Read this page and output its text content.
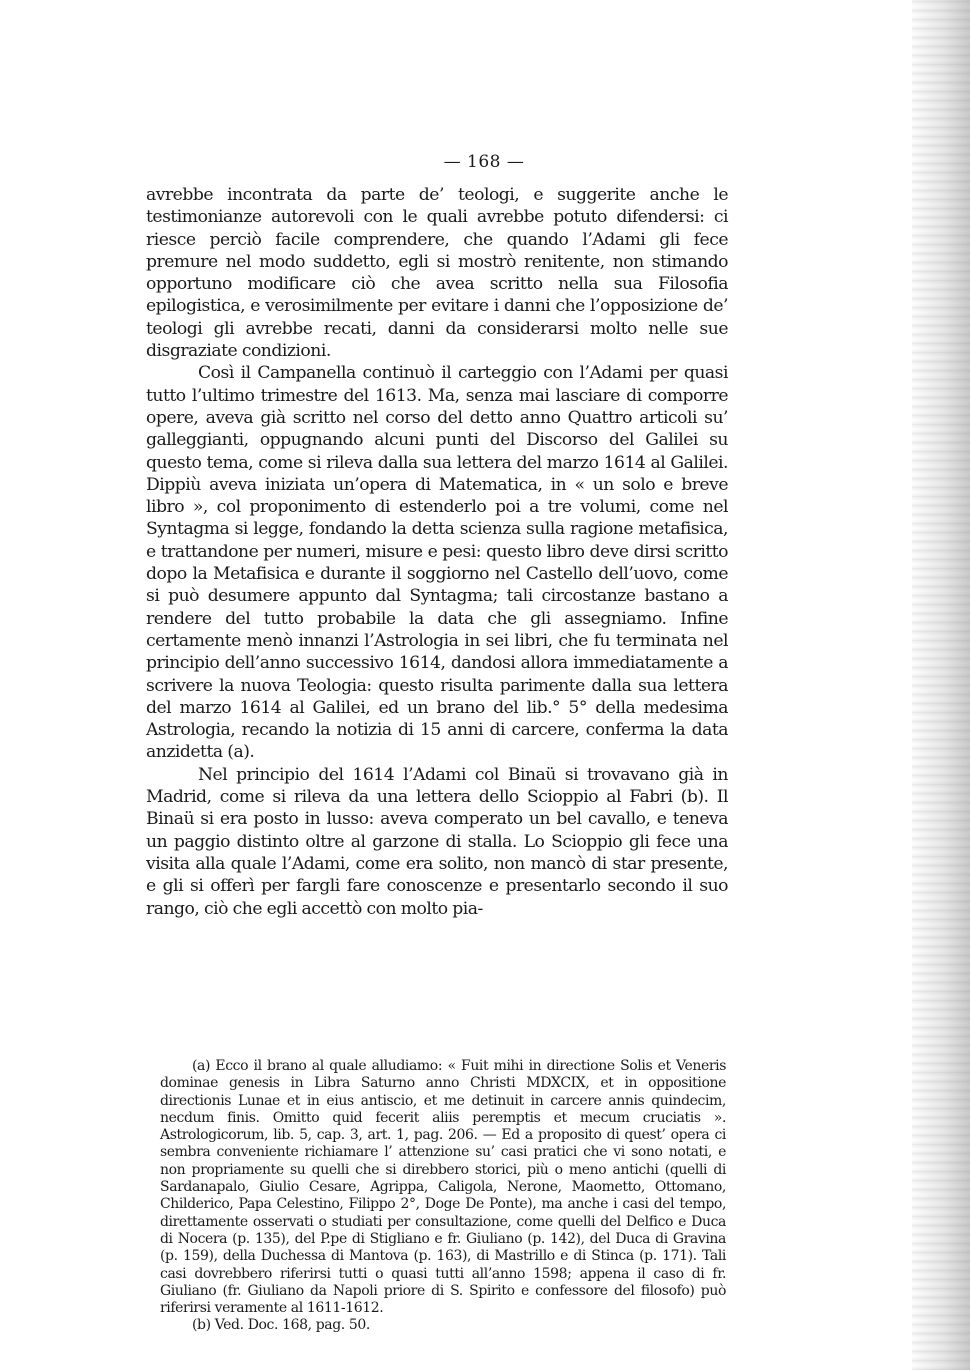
— 168 —

avrebbe incontrata da parte de’ teologi, e suggerite anche le testimonianze autorevoli con le quali avrebbe potuto difendersi: ci riesce perciò facile comprendere, che quando l’Adami gli fece premure nel modo suddetto, egli si mostrò renitente, non stimando opportuno modificare ciò che avea scritto nella sua Filosofia epilogistica, e verosimilmente per evitare i danni che l’opposizione de’ teologi gli avrebbe recati, danni da considerarsi molto nelle sue disgraziate condizioni.

Così il Campanella continuò il carteggio con l’Adami per quasi tutto l’ultimo trimestre del 1613. Ma, senza mai lasciare di comporre opere, aveva già scritto nel corso del detto anno Quattro articoli su’ galleggianti, oppugnando alcuni punti del Discorso del Galilei su questo tema, come si rileva dalla sua lettera del marzo 1614 al Galilei. Dippiù aveva iniziata un’opera di Matematica, in « un solo e breve libro », col proponimento di estenderlo poi a tre volumi, come nel Syntagma si legge, fondando la detta scienza sulla ragione metafisica, e trattandone per numeri, misure e pesi: questo libro deve dirsi scritto dopo la Metafisica e durante il soggiorno nel Castello dell’uovo, come si può desumere appunto dal Syntagma; tali circostanze bastano a rendere del tutto probabile la data che gli assegniamo. Infine certamente menò innanzi l’Astrologia in sei libri, che fu terminata nel principio dell’anno successivo 1614, dandosi allora immediatamente a scrivere la nuova Teologia: questo risulta parimente dalla sua lettera del marzo 1614 al Galilei, ed un brano del lib.° 5° della medesima Astrologia, recando la notizia di 15 anni di carcere, conferma la data anzidetta (a).

Nel principio del 1614 l’Adami col Binaü si trovavano già in Madrid, come si rileva da una lettera dello Scioppio al Fabri (b). Il Binaü si era posto in lusso: aveva comperato un bel cavallo, e teneva un paggio distinto oltre al garzone di stalla. Lo Scioppio gli fece una visita alla quale l’Adami, come era solito, non mancò di star presente, e gli si offerì per fargli fare conoscenze e presentarlo secondo il suo rango, ciò che egli accettò con molto pia-

(a) Ecco il brano al quale alludiamo: « Fuit mihi in directione Solis et Veneris dominae genesis in Libra Saturno anno Christi MDXCIX, et in oppositione directionis Lunae et in eius antiscio, et me detinuit in carcere annis quindecim, necdum finis. Omitto quid fecerit aliis peremptis et mecum cruciatis ». Astrologicorum, lib. 5, cap. 3, art. 1, pag. 206. — Ed a proposito di quest’ opera ci sembra conveniente richiamare l’ attenzione su’ casi pratici che vi sono notati, e non propriamente su quelli che si direbbero storici, più o meno antichi (quelli di Sardanapalo, Giulio Cesare, Agrippa, Caligola, Nerone, Maometto, Ottomano, Childerico, Papa Celestino, Filippo 2°, Doge De Ponte), ma anche i casi del tempo, direttamente osservati o studiati per consultazione, come quelli del Delfico e Duca di Nocera (p. 135), del P.pe di Stigliano e fr. Giuliano (p. 142), del Duca di Gravina (p. 159), della Duchessa di Mantova (p. 163), di Mastrillo e di Stinca (p. 171). Tali casi dovrebbero riferirsi tutti o quasi tutti all’anno 1598; appena il caso di fr. Giuliano (fr. Giuliano da Napoli priore di S. Spirito e confessore del filosofo) può riferirsi veramente al 1611-1612.

(b) Ved. Doc. 168, pag. 50.
